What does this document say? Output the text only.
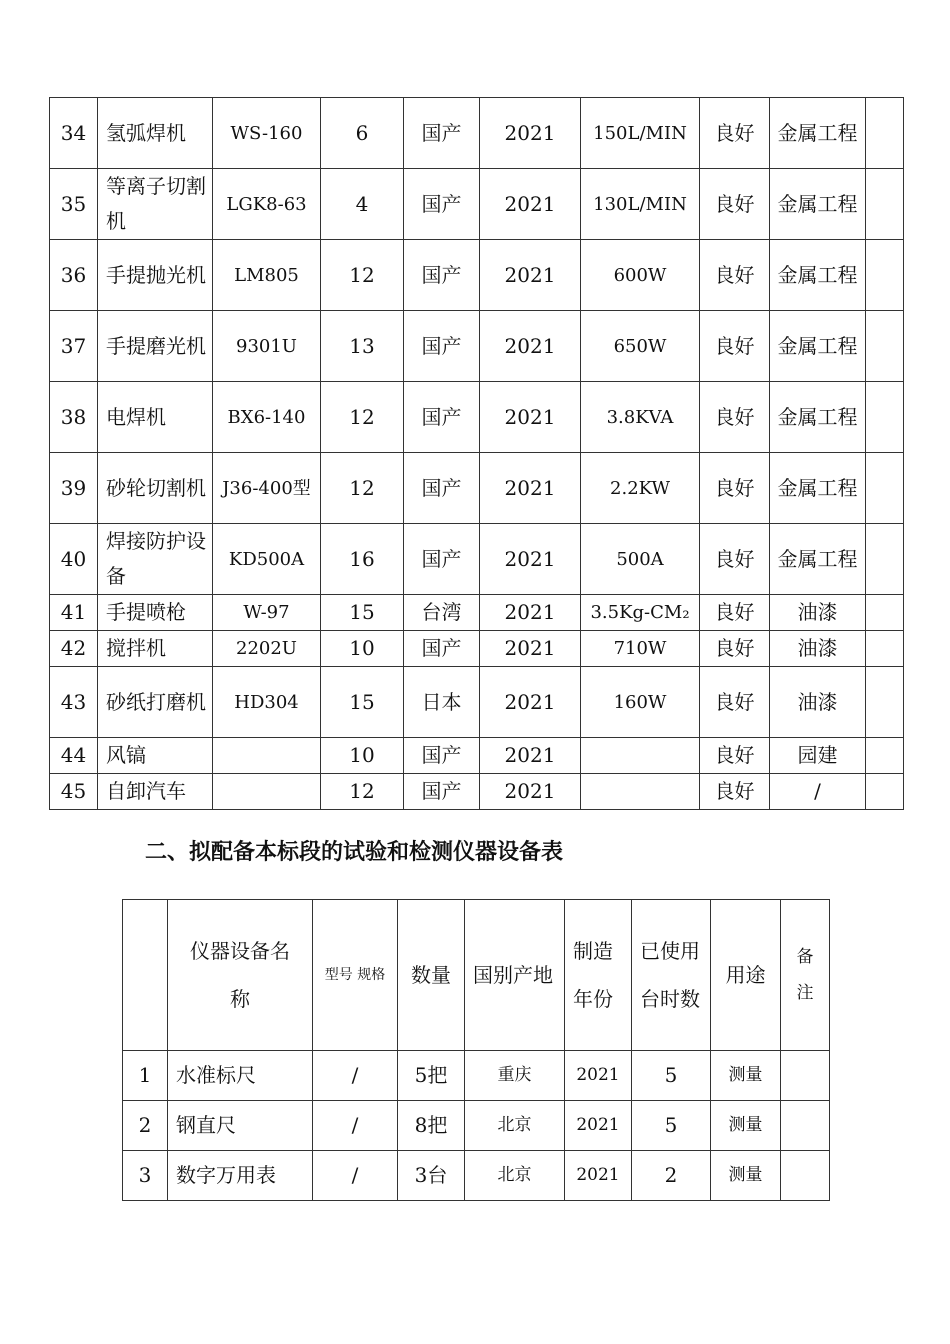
34	氢弧焊机	WS-160	6	国产	2021	150L/MIN	良好	金属工程	
35	等离子切割机	LGK8-63	4	国产	2021	130L/MIN	良好	金属工程	
36	手提抛光机	LM805	12	国产	2021	600W	良好	金属工程	
37	手提磨光机	9301U	13	国产	2021	650W	良好	金属工程	
38	电焊机	BX6-140	12	国产	2021	3.8KVA	良好	金属工程	
39	砂轮切割机	J36-400型	12	国产	2021	2.2KW	良好	金属工程	
40	焊接防护设备	KD500A	16	国产	2021	500A	良好	金属工程	
41	手提喷枪	W-97	15	台湾	2021	3.5Kg-CM₂	良好	油漆	
42	搅拌机	2202U	10	国产	2021	710W	良好	油漆	
43	砂纸打磨机	HD304	15	日本	2021	160W	良好	油漆	
44	风镐		10	国产	2021		良好	园建	
45	自卸汽车		12	国产	2021		良好	/	
二、拟配备本标段的试验和检测仪器设备表
	仪器设备名称	型号 规格	数量	国别产地	制造年份	已使用台时数	用途	备注
1	水准标尺	/	5把	重庆	2021	5	测量	
2	钢直尺	/	8把	北京	2021	5	测量	
3	数字万用表	/	3台	北京	2021	2	测量	
